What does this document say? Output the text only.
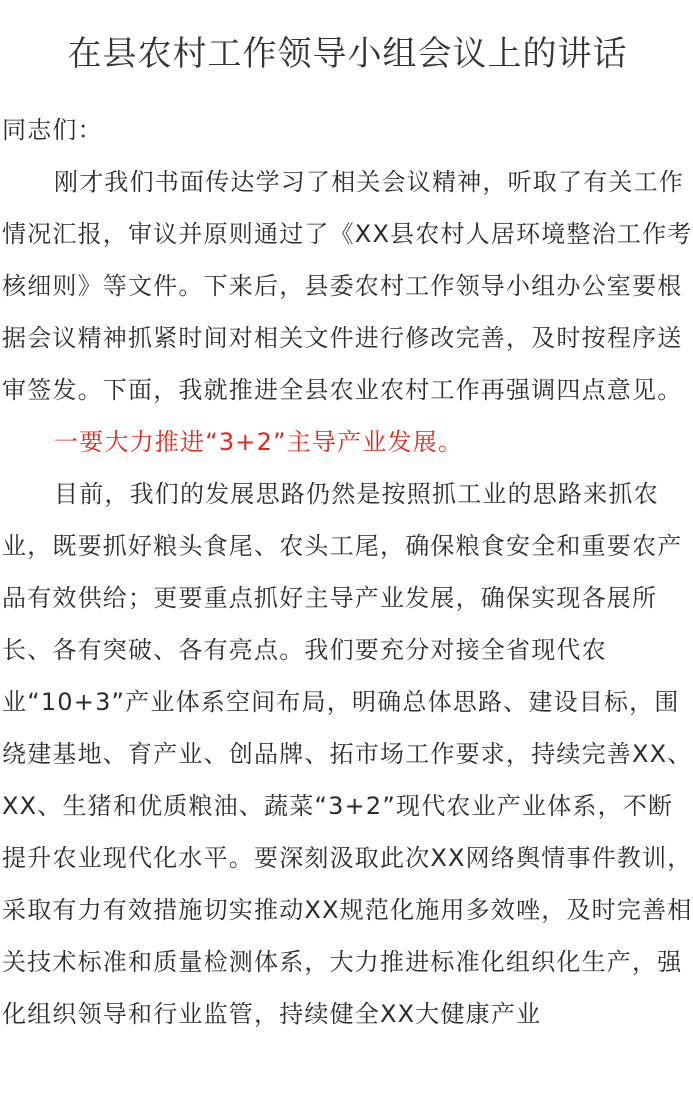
在县农村工作领导小组会议上的讲话

同志们：

刚才我们书面传达学习了相关会议精神，听取了有关工作情况汇报，审议并原则通过了《XX县农村人居环境整治工作考核细则》等文件。下来后，县委农村工作领导小组办公室要根据会议精神抓紧时间对相关文件进行修改完善，及时按程序送审签发。下面，我就推进全县农业农村工作再强调四点意见。

一要大力推进“3+2”主导产业发展。

目前，我们的发展思路仍然是按照抓工业的思路来抓农业，既要抓好粮头食尾、农头工尾，确保粮食安全和重要农产品有效供给；更要重点抓好主导产业发展，确保实现各展所长、各有突破、各有亮点。我们要充分对接全省现代农业“10+3”产业体系空间布局，明确总体思路、建设目标，围绕建基地、育产业、创品牌、拓市场工作要求，持续完善XX、XX、生猪和优质粮油、蔬菜“3+2”现代农业产业体系，不断提升农业现代化水平。要深刻汲取此次XX网络舆情事件教训，采取有力有效措施切实推动XX规范化施用多效唑，及时完善相关技术标准和质量检测体系，大力推进标准化组织化生产，强化组织领导和行业监管，持续健全XX大健康产业
